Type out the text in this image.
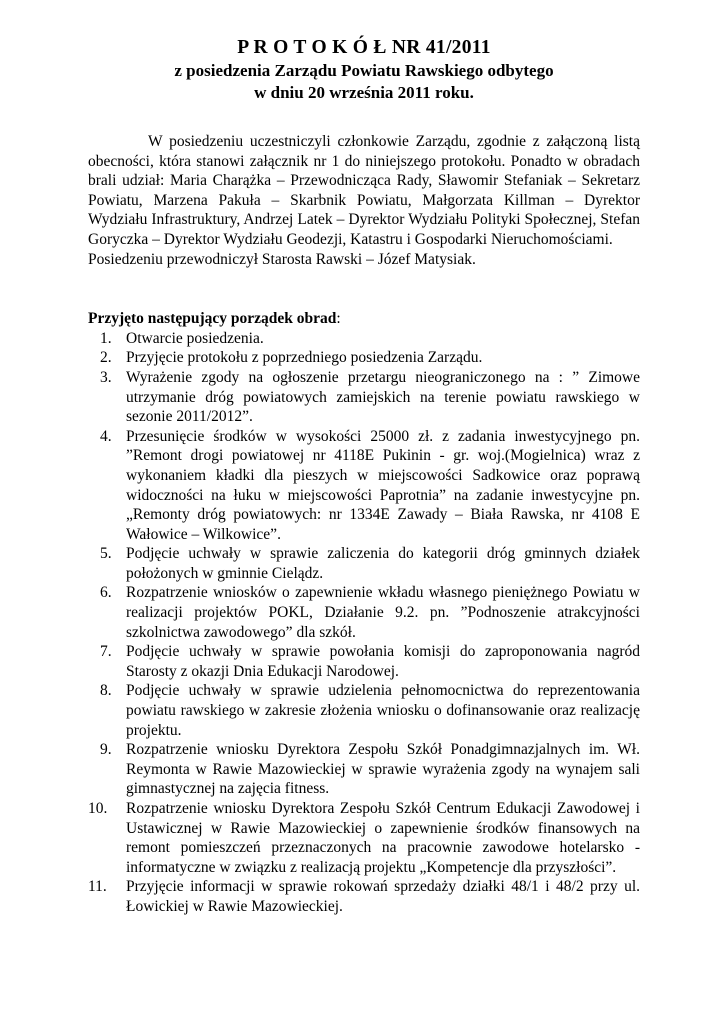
P R O T O K Ó Ł NR 41/2011

z posiedzenia Zarządu Powiatu Rawskiego odbytego

w dniu 20 września 2011 roku.

W posiedzeniu uczestniczyli członkowie Zarządu, zgodnie z załączoną listą obecności, która stanowi załącznik nr 1 do niniejszego protokołu. Ponadto w obradach brali udział: Maria Charążka – Przewodnicząca Rady, Sławomir Stefaniak – Sekretarz Powiatu, Marzena Pakuła – Skarbnik Powiatu, Małgorzata Killman – Dyrektor Wydziału Infrastruktury, Andrzej Latek – Dyrektor Wydziału Polityki Społecznej, Stefan Goryczka – Dyrektor Wydziału Geodezji, Katastru i Gospodarki Nieruchomościami.

Posiedzeniu przewodniczył Starosta Rawski – Józef Matysiak.

Przyjęto następujący porządek obrad:

1. Otwarcie posiedzenia.
2. Przyjęcie protokołu z poprzedniego posiedzenia Zarządu.
3. Wyrażenie zgody na ogłoszenie przetargu nieograniczonego na : ” Zimowe utrzymanie dróg powiatowych zamiejskich na terenie powiatu rawskiego w sezonie 2011/2012”.
4. Przesunięcie środków w wysokości 25000 zł. z zadania inwestycyjnego pn. ”Remont drogi powiatowej nr 4118E Pukinin - gr. woj.(Mogielnica) wraz z wykonaniem kładki dla pieszych w miejscowości Sadkowice oraz poprawą widoczności na łuku w miejscowości Paprotnia” na zadanie inwestycyjne pn. „Remonty dróg powiatowych: nr 1334E Zawady – Biała Rawska, nr 4108 E Wałowice – Wilkowice”.
5. Podjęcie uchwały w sprawie zaliczenia do kategorii dróg gminnych działek położonych w gminnie Cielądz.
6. Rozpatrzenie wniosków o zapewnienie wkładu własnego pieniężnego Powiatu w realizacji projektów POKL, Działanie 9.2. pn. ”Podnoszenie atrakcyjności szkolnictwa zawodowego” dla szkół.
7. Podjęcie uchwały w sprawie powołania komisji do zaproponowania nagród Starosty z okazji Dnia Edukacji Narodowej.
8. Podjęcie uchwały w sprawie udzielenia pełnomocnictwa do reprezentowania powiatu rawskiego w zakresie złożenia wniosku o dofinansowanie oraz realizację projektu.
9. Rozpatrzenie wniosku Dyrektora Zespołu Szkół Ponadgimnazjalnych im. Wł. Reymonta w Rawie Mazowieckiej w sprawie wyrażenia zgody na wynajem sali gimnastycznej na zajęcia fitness.
10. Rozpatrzenie wniosku Dyrektora Zespołu Szkół Centrum Edukacji Zawodowej i Ustawicznej w Rawie Mazowieckiej o zapewnienie środków finansowych na remont pomieszczeń przeznaczonych na pracownie zawodowe hotelarsko - informatyczne w związku z realizacją projektu „Kompetencje dla przyszłości”.
11. Przyjęcie informacji w sprawie rokowań sprzedaży działki 48/1 i 48/2 przy ul. Łowickiej w Rawie Mazowieckiej.
